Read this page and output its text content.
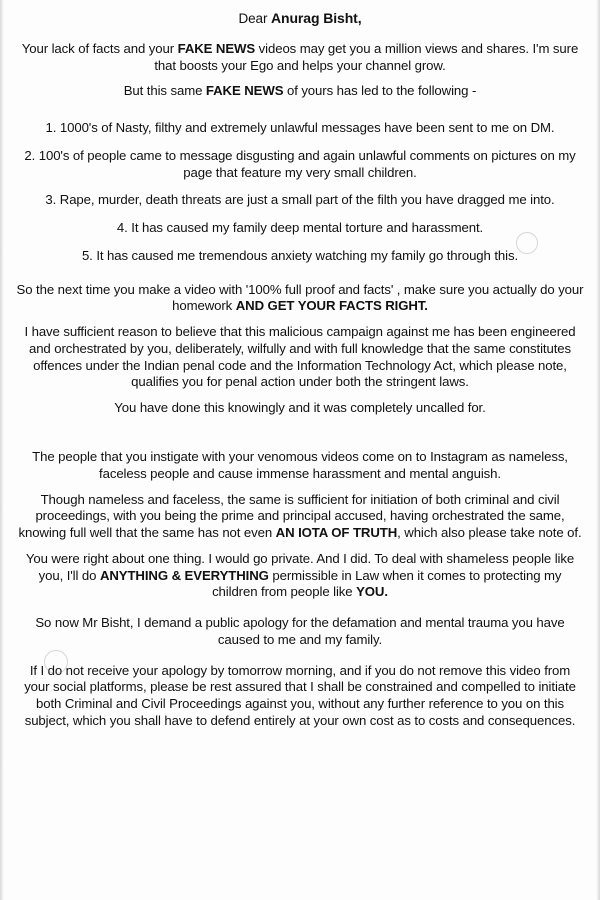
Dear Anurag Bisht,

Your lack of facts and your FAKE NEWS videos may get you a million views and shares. I'm sure that boosts your Ego and helps your channel grow.

But this same FAKE NEWS of yours has led to the following -

1. 1000's of Nasty, filthy and extremely unlawful messages have been sent to me on DM.

2. 100's of people came to message disgusting and again unlawful comments on pictures on my page that feature my very small children.

3. Rape, murder, death threats are just a small part of the filth you have dragged me into.

4. It has caused my family deep mental torture and harassment.

5. It has caused me tremendous anxiety watching my family go through this.

So the next time you make a video with '100% full proof and facts' , make sure you actually do your homework AND GET YOUR FACTS RIGHT.

I have sufficient reason to believe that this malicious campaign against me has been engineered and orchestrated by you, deliberately, wilfully and with full knowledge that the same constitutes offences under the Indian penal code and the Information Technology Act, which please note, qualifies you for penal action under both the stringent laws.

You have done this knowingly and it was completely uncalled for.

The people that you instigate with your venomous videos come on to Instagram as nameless, faceless people and cause immense harassment and mental anguish.

Though nameless and faceless, the same is sufficient for initiation of both criminal and civil proceedings, with you being the prime and principal accused, having orchestrated the same, knowing full well that the same has not even AN IOTA OF TRUTH, which also please take note of.

You were right about one thing. I would go private. And I did. To deal with shameless people like you, I'll do ANYTHING & EVERYTHING permissible in Law when it comes to protecting my children from people like YOU.

So now Mr Bisht, I demand a public apology for the defamation and mental trauma you have caused to me and my family.

If I do not receive your apology by tomorrow morning, and if you do not remove this video from your social platforms, please be rest assured that I shall be constrained and compelled to initiate both Criminal and Civil Proceedings against you, without any further reference to you on this subject, which you shall have to defend entirely at your own cost as to costs and consequences.
